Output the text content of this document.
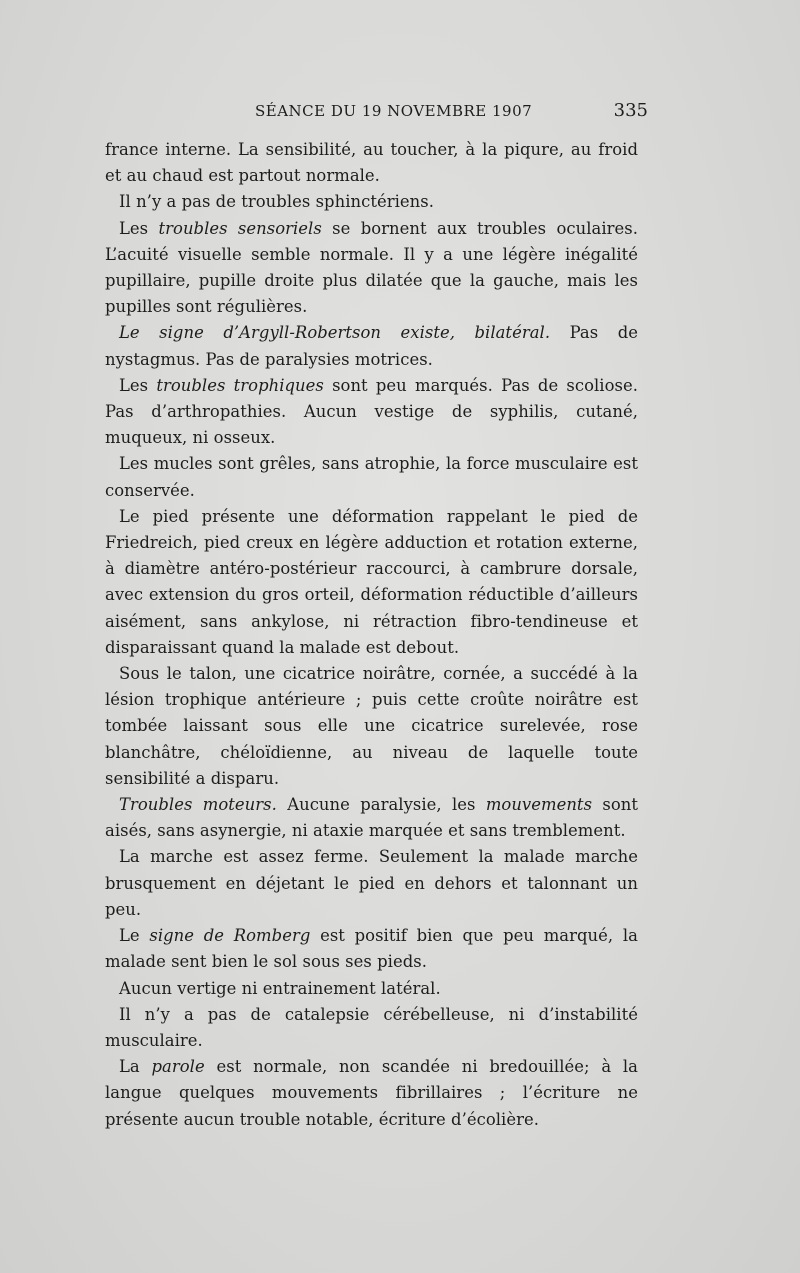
SÉANCE DU 19 NOVEMBRE 1907	335

france interne. La sensibilité, au toucher, à la piqure, au froid et au chaud est partout normale.

Il n’y a pas de troubles sphinctériens.

Les troubles sensoriels se bornent aux troubles oculaires. L’acuité visuelle semble normale. Il y a une légère inégalité pupillaire, pupille droite plus dilatée que la gauche, mais les pupilles sont régulières.

Le signe d’Argyll-Robertson existe, bilatéral. Pas de nystagmus. Pas de paralysies motrices.

Les troubles trophiques sont peu marqués. Pas de scoliose. Pas d’arthropathies. Aucun vestige de syphilis, cutané, muqueux, ni osseux.

Les mucles sont grêles, sans atrophie, la force musculaire est conservée.

Le pied présente une déformation rappelant le pied de Friedreich, pied creux en légère adduction et rotation externe, à diamètre antéro-postérieur raccourci, à cambrure dorsale, avec extension du gros orteil, déformation réductible d’ailleurs aisément, sans ankylose, ni rétraction fibro-tendineuse et disparaissant quand la malade est debout.

Sous le talon, une cicatrice noirâtre, cornée, a succédé à la lésion trophique antérieure ; puis cette croûte noirâtre est tombée laissant sous elle une cicatrice surelevée, rose blanchâtre, chéloïdienne, au niveau de laquelle toute sensibilité a disparu.

Troubles moteurs. Aucune paralysie, les mouvements sont aisés, sans asynergie, ni ataxie marquée et sans tremblement.

La marche est assez ferme. Seulement la malade marche brusquement en déjetant le pied en dehors et talonnant un peu.

Le signe de Romberg est positif bien que peu marqué, la malade sent bien le sol sous ses pieds.

Aucun vertige ni entrainement latéral.

Il n’y a pas de catalepsie cérébelleuse, ni d’instabilité musculaire.

La parole est normale, non scandée ni bredouillée; à la langue quelques mouvements fibrillaires ; l’écriture ne présente aucun trouble notable, écriture d’écolière.
